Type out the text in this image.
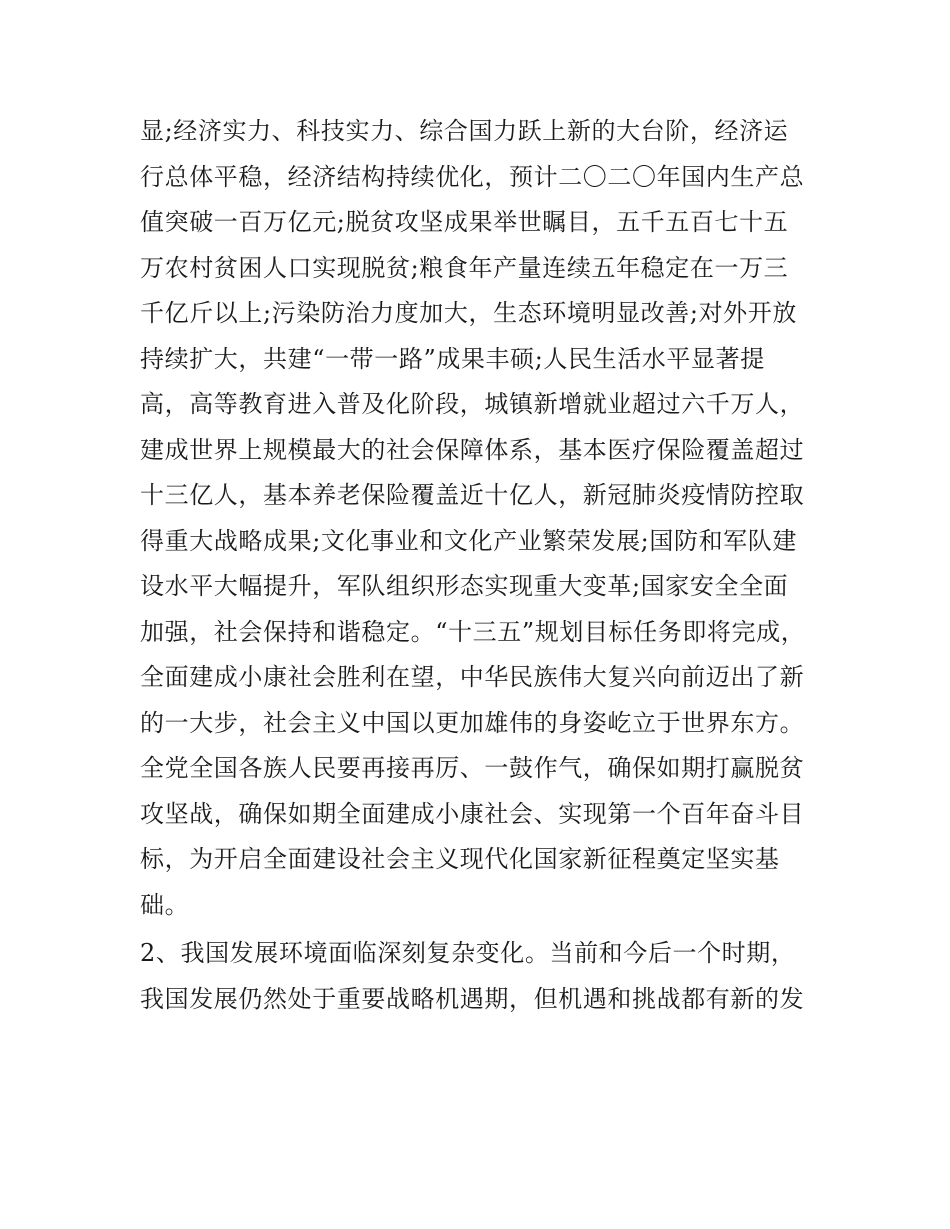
显;经济实力、科技实力、综合国力跃上新的大台阶，经济运
行总体平稳，经济结构持续优化，预计二〇二〇年国内生产总
值突破一百万亿元;脱贫攻坚成果举世瞩目，五千五百七十五
万农村贫困人口实现脱贫;粮食年产量连续五年稳定在一万三
千亿斤以上;污染防治力度加大，生态环境明显改善;对外开放
持续扩大，共建“一带一路”成果丰硕;人民生活水平显著提
高，高等教育进入普及化阶段，城镇新增就业超过六千万人，
建成世界上规模最大的社会保障体系，基本医疗保险覆盖超过
十三亿人，基本养老保险覆盖近十亿人，新冠肺炎疫情防控取
得重大战略成果;文化事业和文化产业繁荣发展;国防和军队建
设水平大幅提升，军队组织形态实现重大变革;国家安全全面
加强，社会保持和谐稳定。“十三五”规划目标任务即将完成，
全面建成小康社会胜利在望，中华民族伟大复兴向前迈出了新
的一大步，社会主义中国以更加雄伟的身姿屹立于世界东方。
全党全国各族人民要再接再厉、一鼓作气，确保如期打赢脱贫
攻坚战，确保如期全面建成小康社会、实现第一个百年奋斗目
标，为开启全面建设社会主义现代化国家新征程奠定坚实基
础。
2、我国发展环境面临深刻复杂变化。当前和今后一个时期，
我国发展仍然处于重要战略机遇期，但机遇和挑战都有新的发
